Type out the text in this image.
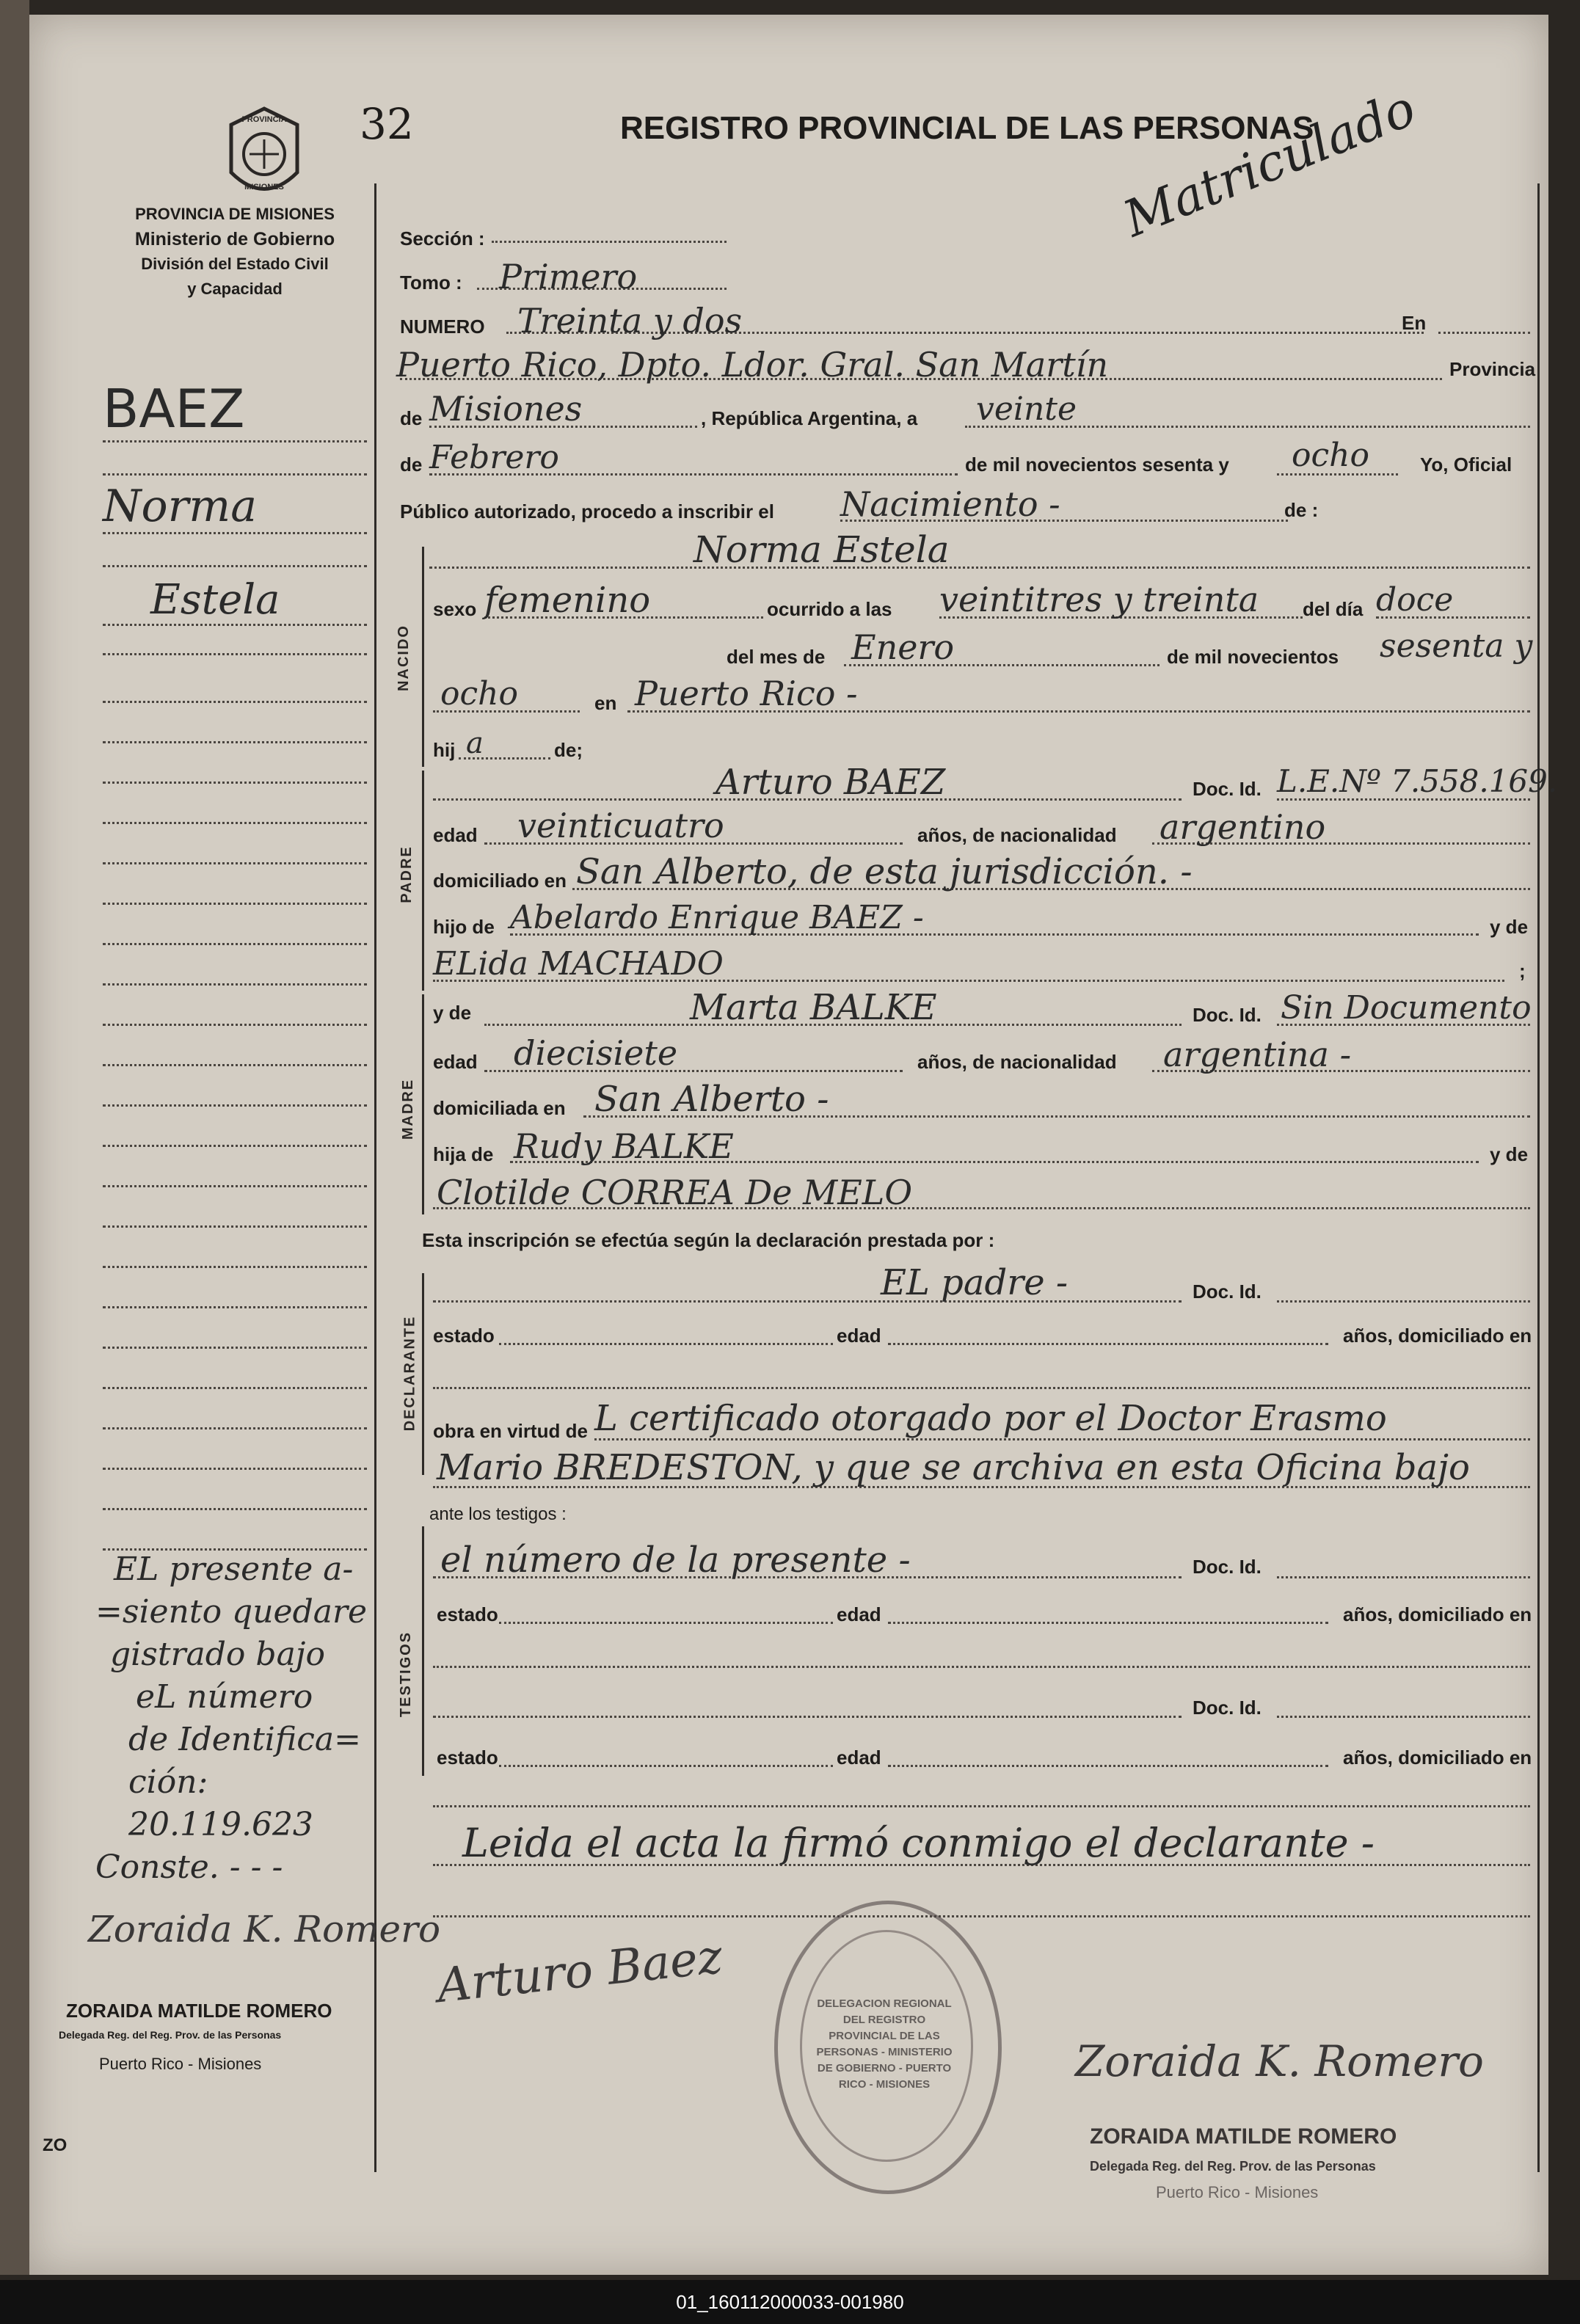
PROVINCIA
MISIONES
32	REGISTRO PROVINCIAL DE LAS PERSONAS
Matriculado
PROVINCIA DE MISIONES
Ministerio de Gobierno
División del Estado Civil
y Capacidad
NACIDO
PADRE
MADRE
DECLARANTE
TESTIGOS
BAEZ
Norma
Estela
EL presente a-
=siento quedare
gistrado bajo
eL número
de Identifica=
ción: 20.119.623
Conste. - - -
Zoraida K. Romero
ZORAIDA MATILDE ROMERO
Delegada Reg. del Reg. Prov. de las Personas
Puerto Rico - Misiones
ZO
Sección :
Tomo : Primero
NUMERO Treinta y dos	En
Puerto Rico, Dpto. Ldor. Gral. San Martín	Provincia
de Misiones	, República Argentina, a veinte
de Febrero	de mil novecientos sesenta y ocho	Yo, Oficial
Público autorizado, procedo a inscribir el Nacimiento -	de :
Norma Estela
sexo femenino	ocurrido a las veintitres y treinta del día doce
del mes de Enero	de mil novecientos sesenta y
ocho	en Puerto Rico -
hij a	de;
Arturo BAEZ	Doc. Id. L.E.Nº 7.558.169.
edad veinticuatro	años, de nacionalidad argentino
domiciliado en San Alberto, de esta jurisdicción. -
hijo de Abelardo Enrique BAEZ -	y de
ELida MACHADO	;
y de	Marta BALKE	Doc. Id. Sin Documento
edad diecisiete	años, de nacionalidad argentina -
domiciliada en San Alberto -
hija de Rudy BALKE	y de
Clotilde CORREA De MELO
Esta inscripción se efectúa según la declaración prestada por :
EL padre -	Doc. Id.
estado	edad	años, domiciliado en
obra en virtud de L certificado otorgado por el Doctor Erasmo
Mario BREDESTON, y que se archiva en esta Oficina bajo
ante los testigos :
el número de la presente -	Doc. Id.
estado	edad	años, domiciliado en
Doc. Id.
estado	edad	años, domiciliado en
Leida el acta la firmó conmigo el declarante -
Arturo Baez	DELEGACION REGIONAL DEL REGISTRO PROVINCIAL DE LAS PERSONAS - MINISTERIO DE GOBIERNO - PUERTO RICO - MISIONES	Zoraida K. Romero
ZORAIDA MATILDE ROMERO
Delegada Reg. del Reg. Prov. de las Personas
Puerto Rico - Misiones
01_160112000033-001980
